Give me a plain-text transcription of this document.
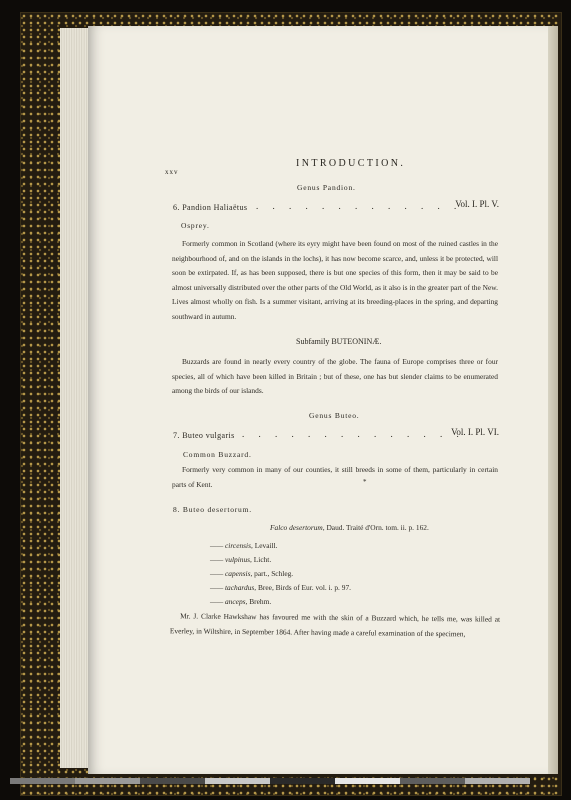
xxv
INTRODUCTION.
Genus Pandion.
6. Pandion Haliaëtus . . . . . . . . . . . . .
Vol. I. Pl. V.
Osprey.
Formerly common in Scotland (where its eyry might have been found on most of the ruined castles in the neighbourhood of, and on the islands in the lochs), it has now become scarce, and, unless it be protected, will soon be extirpated. If, as has been supposed, there is but one species of this form, then it may be said to be almost universally distributed over the other parts of the Old World, as it also is in the greater part of the New. Lives almost wholly on fish. Is a summer visitant, arriving at its breeding-places in the spring, and departing southward in autumn.
Subfamily BUTEONINÆ.
Buzzards are found in nearly every country of the globe. The fauna of Europe comprises three or four species, all of which have been killed in Britain ; but of these, one has but slender claims to be enumerated among the birds of our islands.
Genus Buteo.
7. Buteo vulgaris . . . . . . . . . . . . . .
Vol. I. Pl. VI.
Common Buzzard.
Formerly very common in many of our counties, it still breeds in some of them, particularly in certain parts of Kent.	*
8. Buteo desertorum.
Falco desertorum, Daud. Traité d'Orn. tom. ii. p. 162.
—— circensis, Levaill.
—— vulpinus, Licht.
—— capensis, part., Schleg.
—— tachardus, Bree, Birds of Eur. vol. i. p. 97.
—— anceps, Brehm.
Mr. J. Clarke Hawkshaw has favoured me with the skin of a Buzzard which, he tells me, was killed at Everley, in Wiltshire, in September 1864. After having made a careful examination of the specimen,
